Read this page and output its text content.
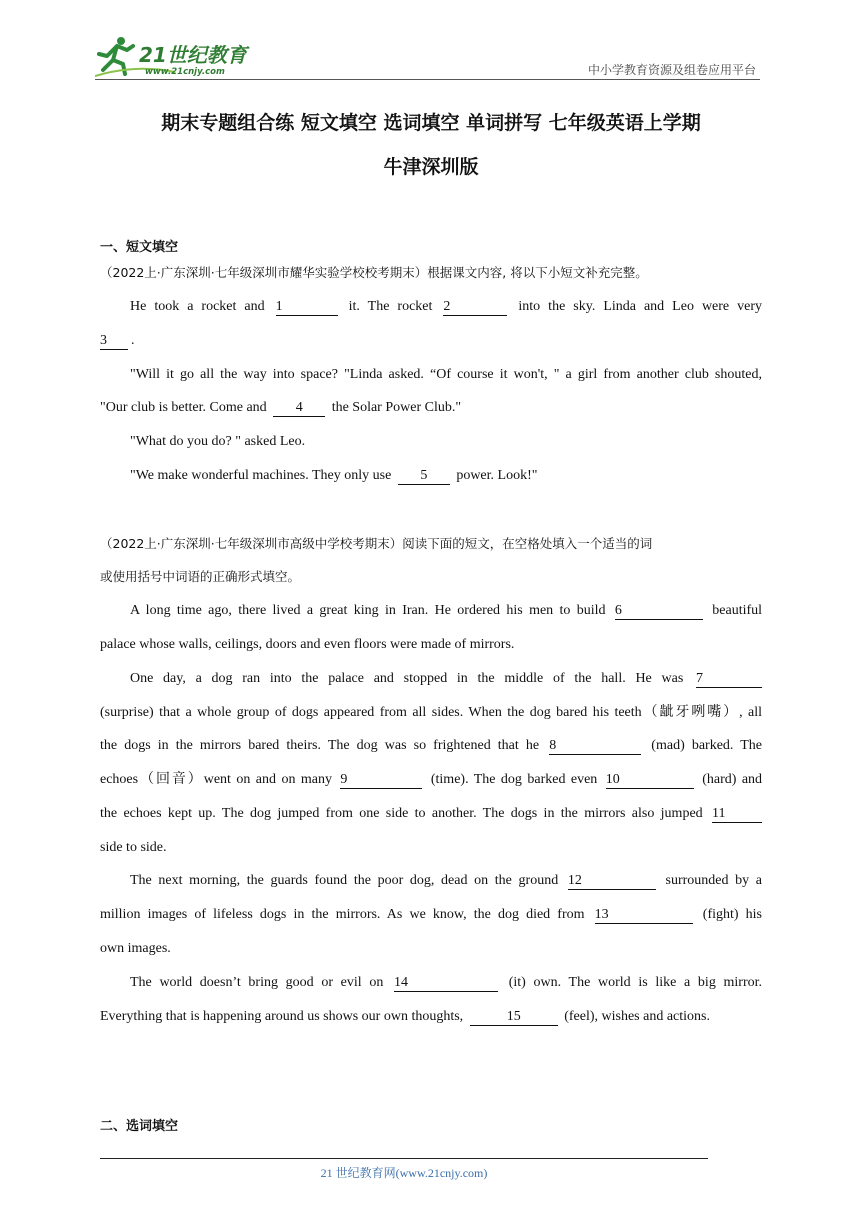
21世纪教育
www.21cnjy.com	中小学教育资源及组卷应用平台
期末专题组合练 短文填空 选词填空 单词拼写 七年级英语上学期
牛津深圳版
一、短文填空
（2022上·广东深圳·七年级深圳市耀华实验学校校考期末）根据课文内容, 将以下小短文补充完整。
He took a rocket and 1	it. The rocket 2	into the sky. Linda and Leo were very
3 .
"Will it go all the way into space? "Linda asked. “Of course it won't, " a girl from another club shouted,
"Our club is better. Come and 4 the Solar Power Club."
"What do you do? " asked Leo.
"We make wonderful machines. They only use 5 power. Look!"
（2022上·广东深圳·七年级深圳市高级中学校考期末）阅读下面的短文，在空格处填入一个适当的词
或使用括号中词语的正确形式填空。
A long time ago, there lived a great king in Iran. He ordered his men to build 6	beautiful
palace whose walls, ceilings, doors and even floors were made of mirrors.
One day, a dog ran into the palace and stopped in the middle of the hall. He was 7
(surprise) that a whole group of dogs appeared from all sides. When the dog bared his teeth（龇牙咧嘴）, all
the dogs in the mirrors bared theirs. The dog was so frightened that he 8	(mad) barked. The
echoes（回音）went on and on many 9	(time). The dog barked even 10	(hard) and
the echoes kept up. The dog jumped from one side to another. The dogs in the mirrors also jumped 11
side to side.
The next morning, the guards found the poor dog, dead on the ground 12	surrounded by a
million images of lifeless dogs in the mirrors. As we know, the dog died from 13	(fight) his
own images.
The world doesn’t bring good or evil on 14	(it) own. The world is like a big mirror.
Everything that is happening around us shows our own thoughts,	15	(feel), wishes and actions.
二、选词填空
21 世纪教育网(www.21cnjy.com)
